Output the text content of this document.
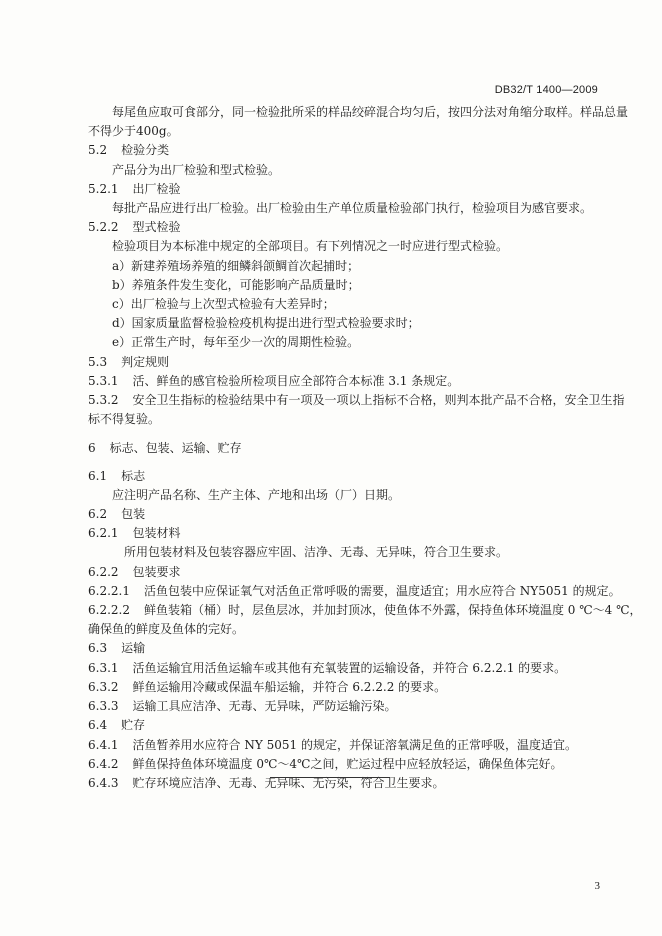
DB32/T 1400—2009
每尾鱼应取可食部分，同一检验批所采的样品绞碎混合均匀后，按四分法对角缩分取样。样品总量
不得少于400g。
5.2 检验分类
产品分为出厂检验和型式检验。
5.2.1 出厂检验
每批产品应进行出厂检验。出厂检验由生产单位质量检验部门执行，检验项目为感官要求。
5.2.2 型式检验
检验项目为本标准中规定的全部项目。有下列情况之一时应进行型式检验。
a）新建养殖场养殖的细鳞斜颌鲷首次起捕时；
b）养殖条件发生变化，可能影响产品质量时；
c）出厂检验与上次型式检验有大差异时；
d）国家质量监督检验检疫机构提出进行型式检验要求时；
e）正常生产时，每年至少一次的周期性检验。
5.3 判定规则
5.3.1 活、鲜鱼的感官检验所检项目应全部符合本标准 3.1 条规定。
5.3.2 安全卫生指标的检验结果中有一项及一项以上指标不合格，则判本批产品不合格，安全卫生指
标不得复验。
6 标志、包装、运输、贮存
6.1 标志
应注明产品名称、生产主体、产地和出场（厂）日期。
6.2 包装
6.2.1 包装材料
所用包装材料及包装容器应牢固、洁净、无毒、无异味，符合卫生要求。
6.2.2 包装要求
6.2.2.1 活鱼包装中应保证氧气对活鱼正常呼吸的需要，温度适宜；用水应符合 NY5051 的规定。
6.2.2.2 鲜鱼装箱（桶）时，层鱼层冰，并加封顶冰，使鱼体不外露，保持鱼体环境温度 0 ℃～4 ℃，
确保鱼的鲜度及鱼体的完好。
6.3 运输
6.3.1 活鱼运输宜用活鱼运输车或其他有充氧装置的运输设备，并符合 6.2.2.1 的要求。
6.3.2 鲜鱼运输用冷藏或保温车船运输，并符合 6.2.2.2 的要求。
6.3.3 运输工具应洁净、无毒、无异味，严防运输污染。
6.4 贮存
6.4.1 活鱼暂养用水应符合 NY 5051 的规定，并保证溶氧满足鱼的正常呼吸，温度适宜。
6.4.2 鲜鱼保持鱼体环境温度 0℃～4℃之间，贮运过程中应轻放轻运，确保鱼体完好。
6.4.3 贮存环境应洁净、无毒、无异味、无污染，符合卫生要求。
3
